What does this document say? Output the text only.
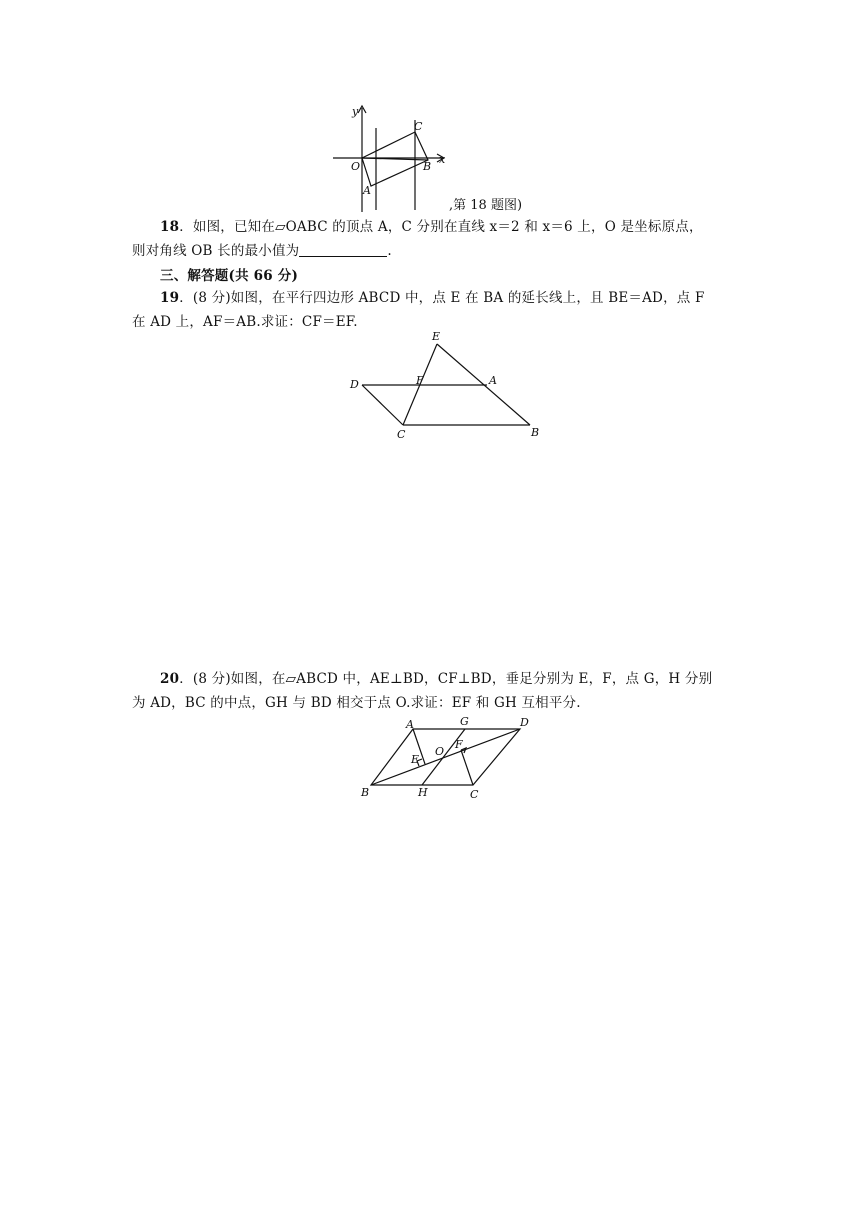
y
x
O
A
B
C
,第 18 题图)
18．如图，已知在▱OABC 的顶点 A，C 分别在直线 x＝2 和 x＝6 上，O 是坐标原点，
则对角线 OB 长的最小值为	.
三、解答题(共 66 分)
19．(8 分)如图，在平行四边形 ABCD 中，点 E 在 BA 的延长线上，且 BE＝AD，点 F
在 AD 上，AF＝AB.求证：CF＝EF.
E
D	F	A
C	B
20．(8 分)如图，在▱ABCD 中，AE⊥BD，CF⊥BD，垂足分别为 E，F，点 G，H 分别
为 AD，BC 的中点，GH 与 BD 相交于点 O.求证：EF 和 GH 互相平分.
A	G	D
E
O
F
B	H	C
